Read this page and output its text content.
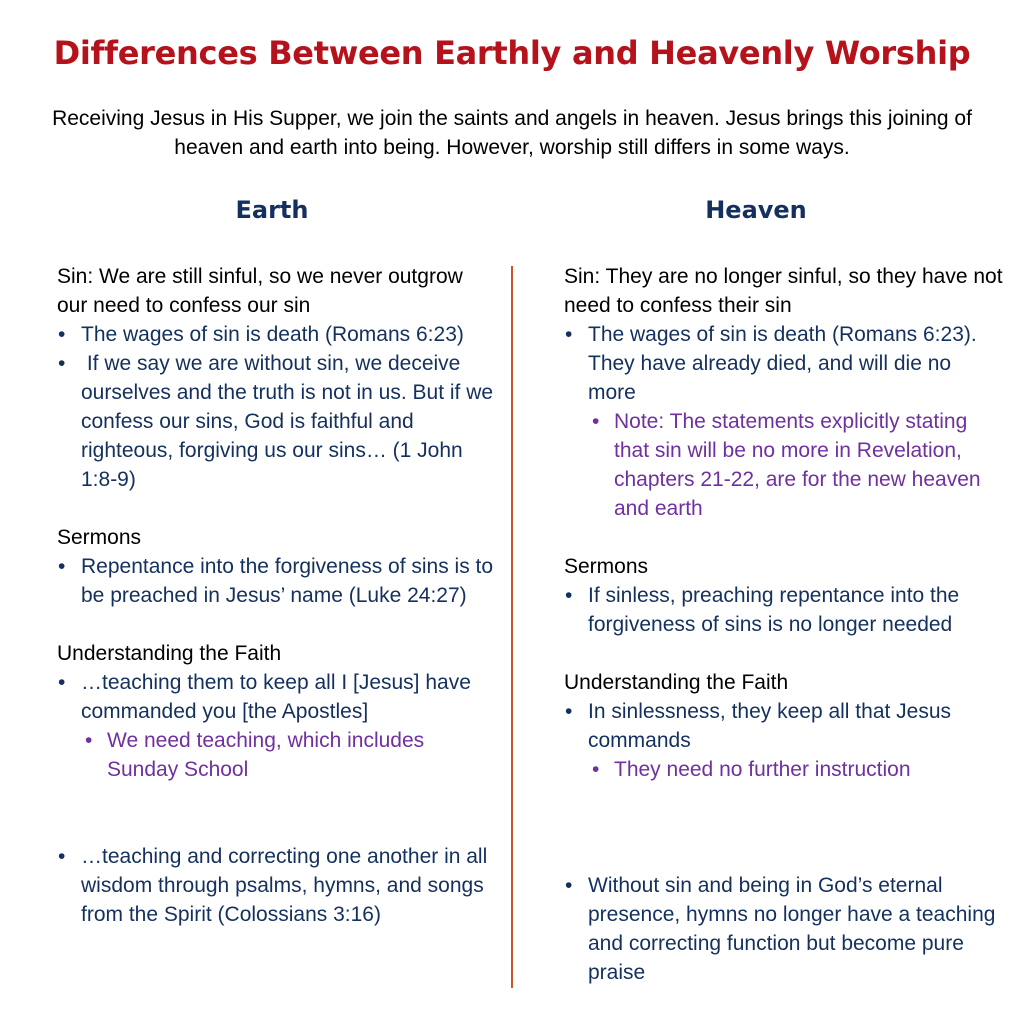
Differences Between Earthly and Heavenly Worship
Receiving Jesus in His Supper, we join the saints and angels in heaven. Jesus brings this joining of heaven and earth into being. However, worship still differs in some ways.
Earth	Heaven
Sin: We are still sinful, so we never outgrow our need to confess our sin
• The wages of sin is death (Romans 6:23)
• If we say we are without sin, we deceive ourselves and the truth is not in us. But if we confess our sins, God is faithful and righteous, forgiving us our sins… (1 John 1:8-9)
Sermons
• Repentance into the forgiveness of sins is to be preached in Jesus’ name (Luke 24:27)
Understanding the Faith
• …teaching them to keep all I [Jesus] have commanded you [the Apostles]
• We need teaching, which includes Sunday School
• …teaching and correcting one another in all wisdom through psalms, hymns, and songs from the Spirit (Colossians 3:16)
Sin: They are no longer sinful, so they have not need to confess their sin
• The wages of sin is death (Romans 6:23). They have already died, and will die no more
• Note: The statements explicitly stating that sin will be no more in Revelation, chapters 21-22, are for the new heaven and earth
Sermons
• If sinless, preaching repentance into the forgiveness of sins is no longer needed
Understanding the Faith
• In sinlessness, they keep all that Jesus commands
• They need no further instruction
• Without sin and being in God’s eternal presence, hymns no longer have a teaching and correcting function but become pure praise
